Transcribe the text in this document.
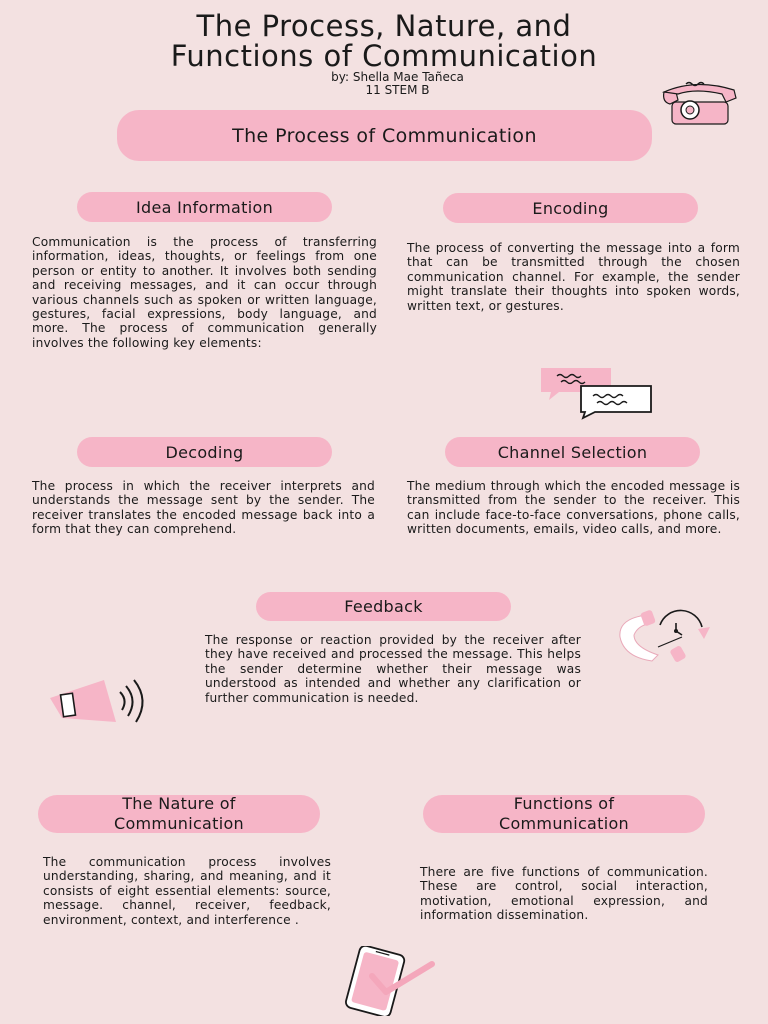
The Process, Nature, and
Functions of Communication
by: Shella Mae Tañeca
11 STEM B
The Process of Communication
Idea Information
Communication is the process of transferring information, ideas, thoughts, or feelings from one person or entity to another. It involves both sending and receiving messages, and it can occur through various channels such as spoken or written language, gestures, facial expressions, body language, and more. The process of communication generally involves the following key elements:
Encoding
The process of converting the message into a form that can be transmitted through the chosen communication channel. For example, the sender might translate their thoughts into spoken words, written text, or gestures.
Decoding
The process in which the receiver interprets and understands the message sent by the sender. The receiver translates the encoded message back into a form that they can comprehend.
Channel Selection
The medium through which the encoded message is transmitted from the sender to the receiver. This can include face-to-face conversations, phone calls, written documents, emails, video calls, and more.
Feedback
The response or reaction provided by the receiver after they have received and processed the message. This helps the sender determine whether their message was understood as intended and whether any clarification or further communication is needed.
The Nature of
Communication
The communication process involves understanding, sharing, and meaning, and it consists of eight essential elements: source, message. channel, receiver, feedback, environment, context, and interference .
Functions of
Communication
There are five functions of communication. These are control, social interaction, motivation, emotional expression, and information dissemination.
